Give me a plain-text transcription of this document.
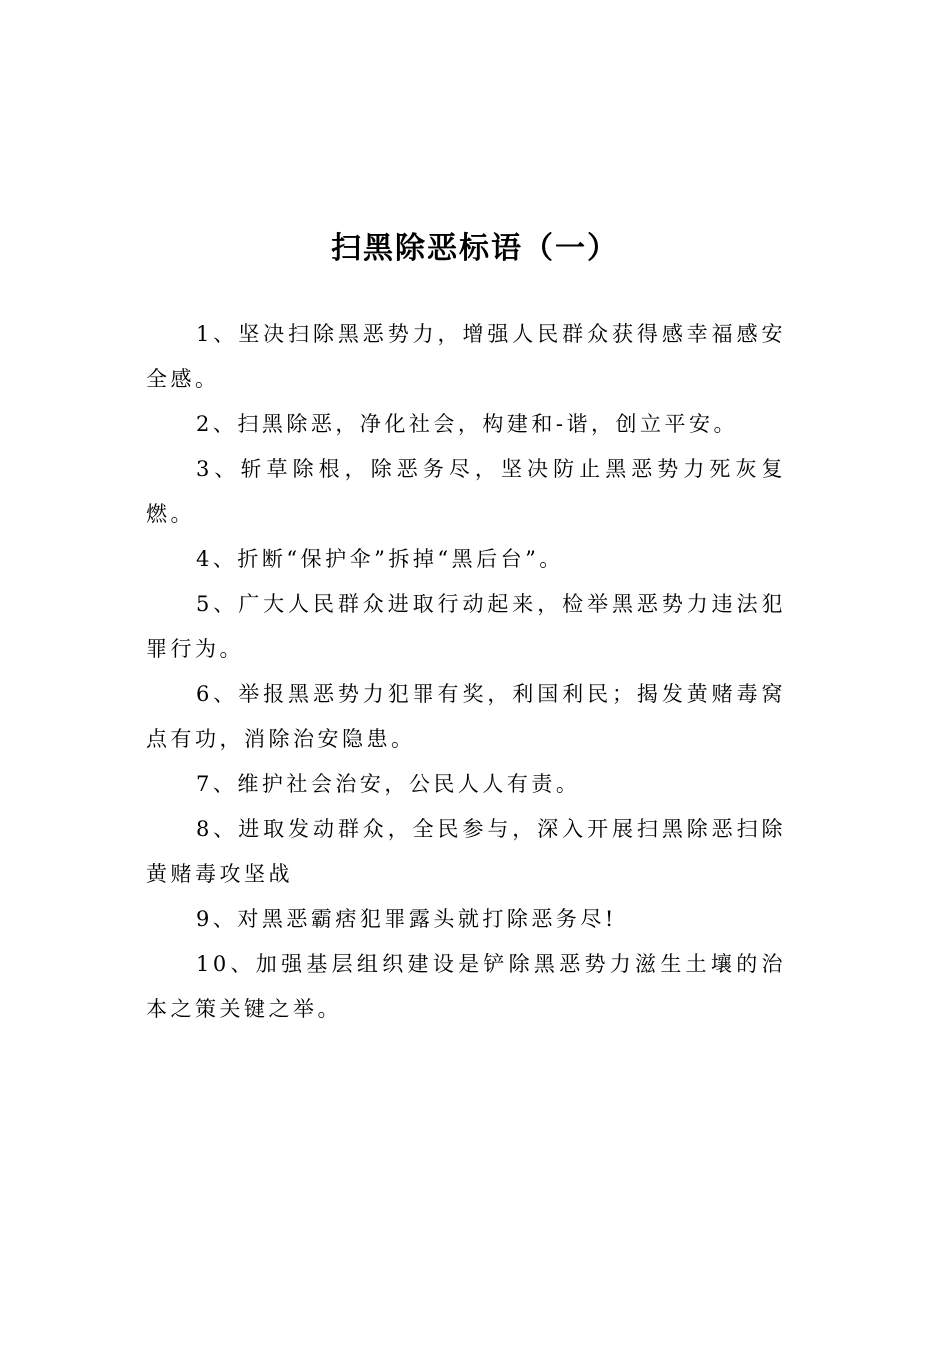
扫黑除恶标语（一）

1、坚决扫除黑恶势力，增强人民群众获得感幸福感安全感。

2、扫黑除恶，净化社会，构建和-谐，创立平安。

3、斩草除根，除恶务尽，坚决防止黑恶势力死灰复燃。

4、折断“保护伞”拆掉“黑后台”。

5、广大人民群众进取行动起来，检举黑恶势力违法犯罪行为。

6、举报黑恶势力犯罪有奖，利国利民；揭发黄赌毒窝点有功，消除治安隐患。

7、维护社会治安，公民人人有责。

8、进取发动群众，全民参与，深入开展扫黑除恶扫除黄赌毒攻坚战

9、对黑恶霸痞犯罪露头就打除恶务尽!

10、加强基层组织建设是铲除黑恶势力滋生土壤的治本之策关键之举。
